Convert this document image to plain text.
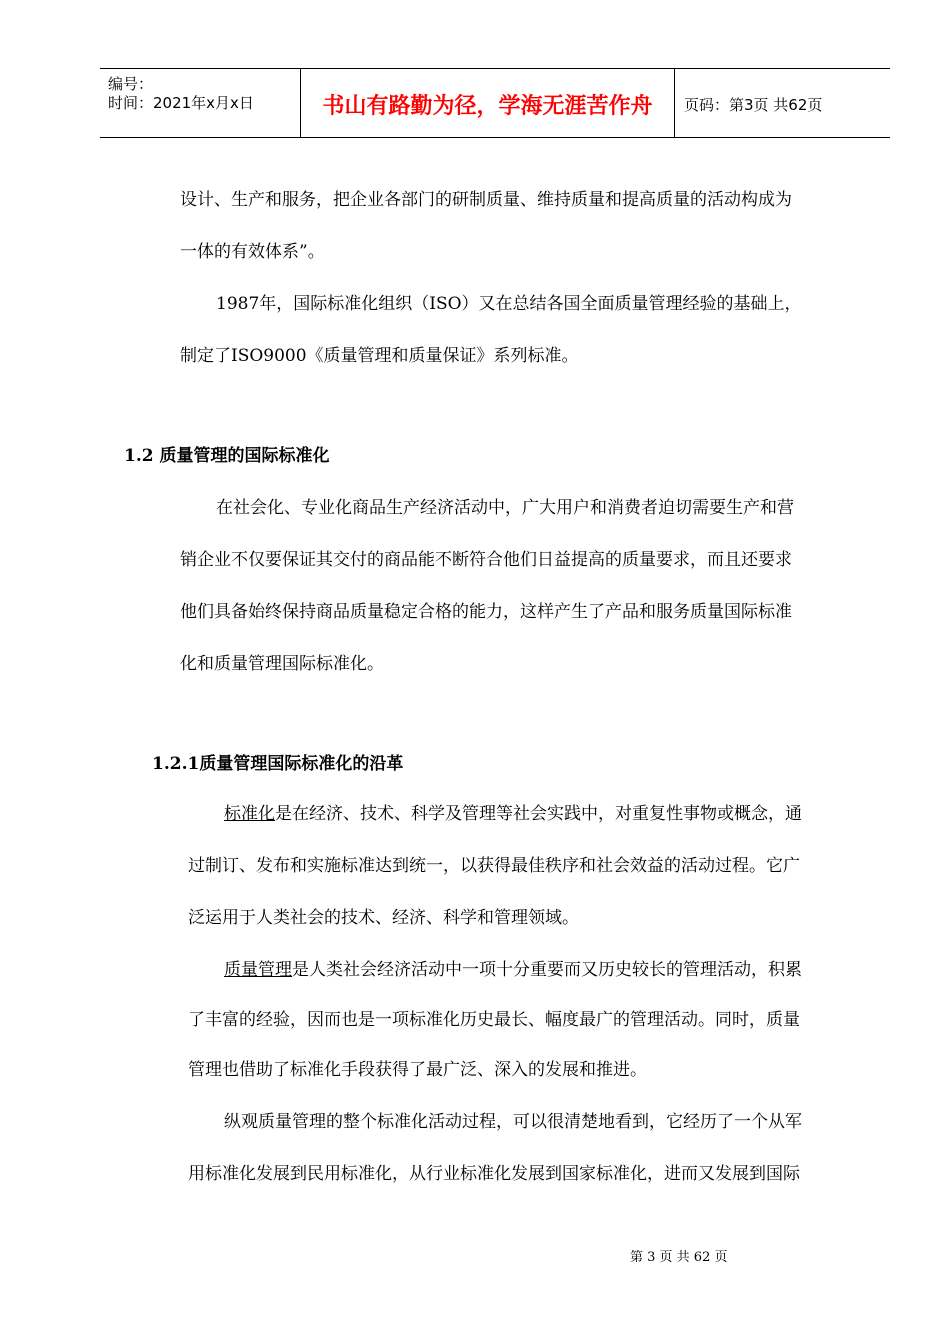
编号：
时间：2021年x月x日	书山有路勤为径，学海无涯苦作舟	页码：第3页 共62页
设计、生产和服务，把企业各部门的研制质量、维持质量和提高质量的活动构成为
一体的有效体系”。
1987年，国际标准化组织（ISO）又在总结各国全面质量管理经验的基础上，
制定了ISO9000《质量管理和质量保证》系列标准。
1.2 质量管理的国际标准化
在社会化、专业化商品生产经济活动中，广大用户和消费者迫切需要生产和营
销企业不仅要保证其交付的商品能不断符合他们日益提高的质量要求，而且还要求
他们具备始终保持商品质量稳定合格的能力，这样产生了产品和服务质量国际标准
化和质量管理国际标准化。
1.2.1质量管理国际标准化的沿革
标准化是在经济、技术、科学及管理等社会实践中，对重复性事物或概念，通
过制订、发布和实施标准达到统一，以获得最佳秩序和社会效益的活动过程。它广
泛运用于人类社会的技术、经济、科学和管理领域。
质量管理是人类社会经济活动中一项十分重要而又历史较长的管理活动，积累
了丰富的经验，因而也是一项标准化历史最长、幅度最广的管理活动。同时，质量
管理也借助了标准化手段获得了最广泛、深入的发展和推进。
纵观质量管理的整个标准化活动过程，可以很清楚地看到，它经历了一个从军
用标准化发展到民用标准化，从行业标准化发展到国家标准化，进而又发展到国际
第 3 页 共 62 页
